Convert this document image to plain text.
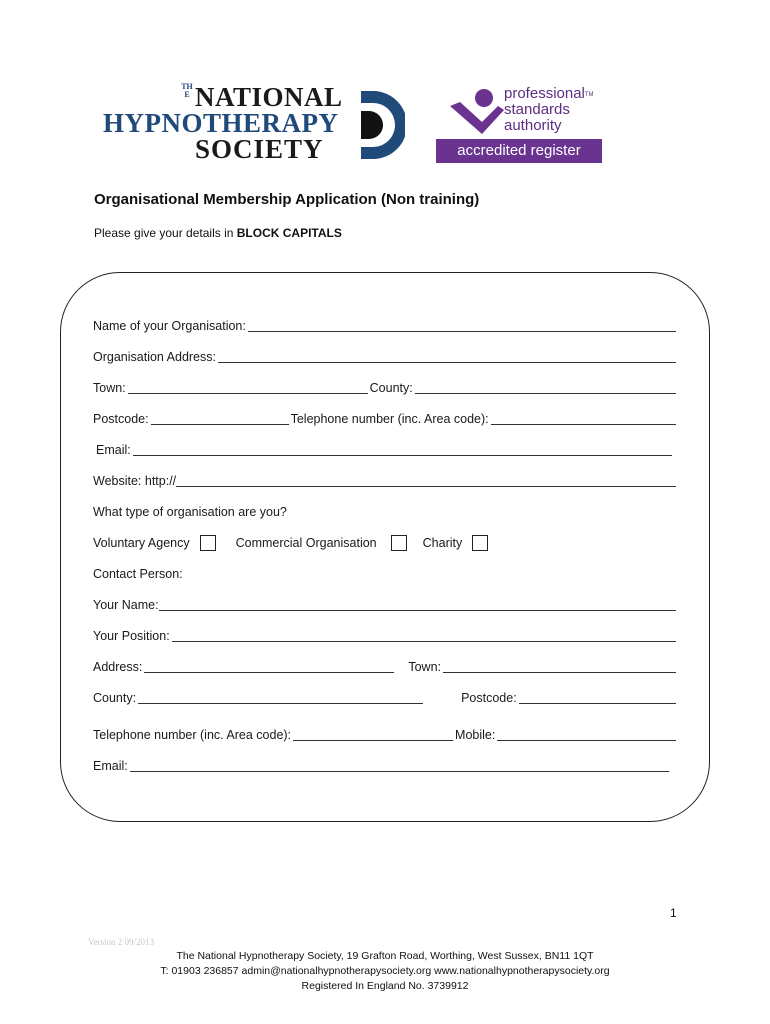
THE NATIONAL
HYPNOTHERAPY
SOCIETY
professional™
standards
authority
accredited register
Organisational Membership Application (Non training)
Please give your details in BLOCK CAPITALS
Name of your Organisation:
Organisation Address:
Town:	County:
Postcode:	Telephone number (inc. Area code):
Email:
Website: http://
What type of organisation are you?
Voluntary Agency	Commercial Organisation	Charity
Contact Person:
Your Name:
Your Position:
Address:	Town:
County:	Postcode:
Telephone number (inc. Area code):	Mobile:
Email:
1
Version 2 09/2013
The National Hypnotherapy Society, 19 Grafton Road, Worthing, West Sussex, BN11 1QT
T: 01903 236857 admin@nationalhypnotherapysociety.org www.nationalhypnotherapysociety.org
Registered In England No. 3739912
